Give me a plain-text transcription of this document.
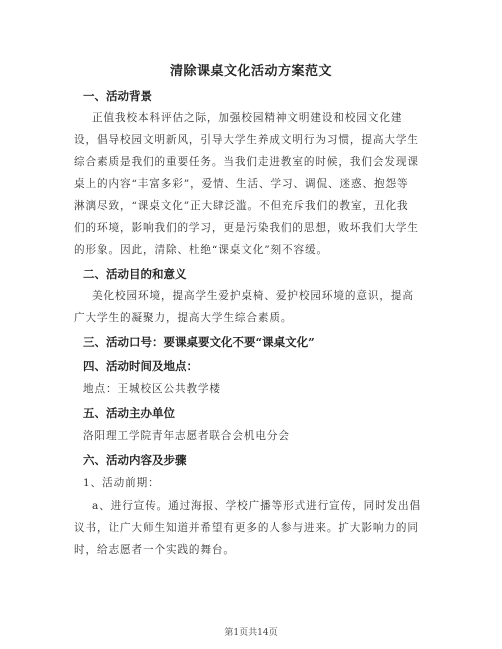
清除课桌文化活动方案范文
一、活动背景
正值我校本科评估之际，加强校园精神文明建设和校园文化建
设，倡导校园文明新风，引导大学生养成文明行为习惯，提高大学生
综合素质是我们的重要任务。当我们走进教室的时候，我们会发现课
桌上的内容“丰富多彩”，爱情、生活、学习、调侃、迷惑、抱怨等
淋漓尽致，“课桌文化”正大肆泛滥。不但充斥我们的教室，丑化我
们的环境，影响我们的学习，更是污染我们的思想，败坏我们大学生
的形象。因此，清除、杜绝“课桌文化”刻不容缓。
二、活动目的和意义
美化校园环境，提高学生爱护桌椅、爱护校园环境的意识，提高
广大学生的凝聚力，提高大学生综合素质。
三、活动口号：要课桌要文化不要“课桌文化”
四、活动时间及地点：
地点：王城校区公共教学楼
五、活动主办单位
洛阳理工学院青年志愿者联合会机电分会
六、活动内容及步骤
1、活动前期：
a、进行宣传。通过海报、学校广播等形式进行宣传，同时发出倡
议书，让广大师生知道并希望有更多的人参与进来。扩大影响力的同
时，给志愿者一个实践的舞台。
第1页共14页
